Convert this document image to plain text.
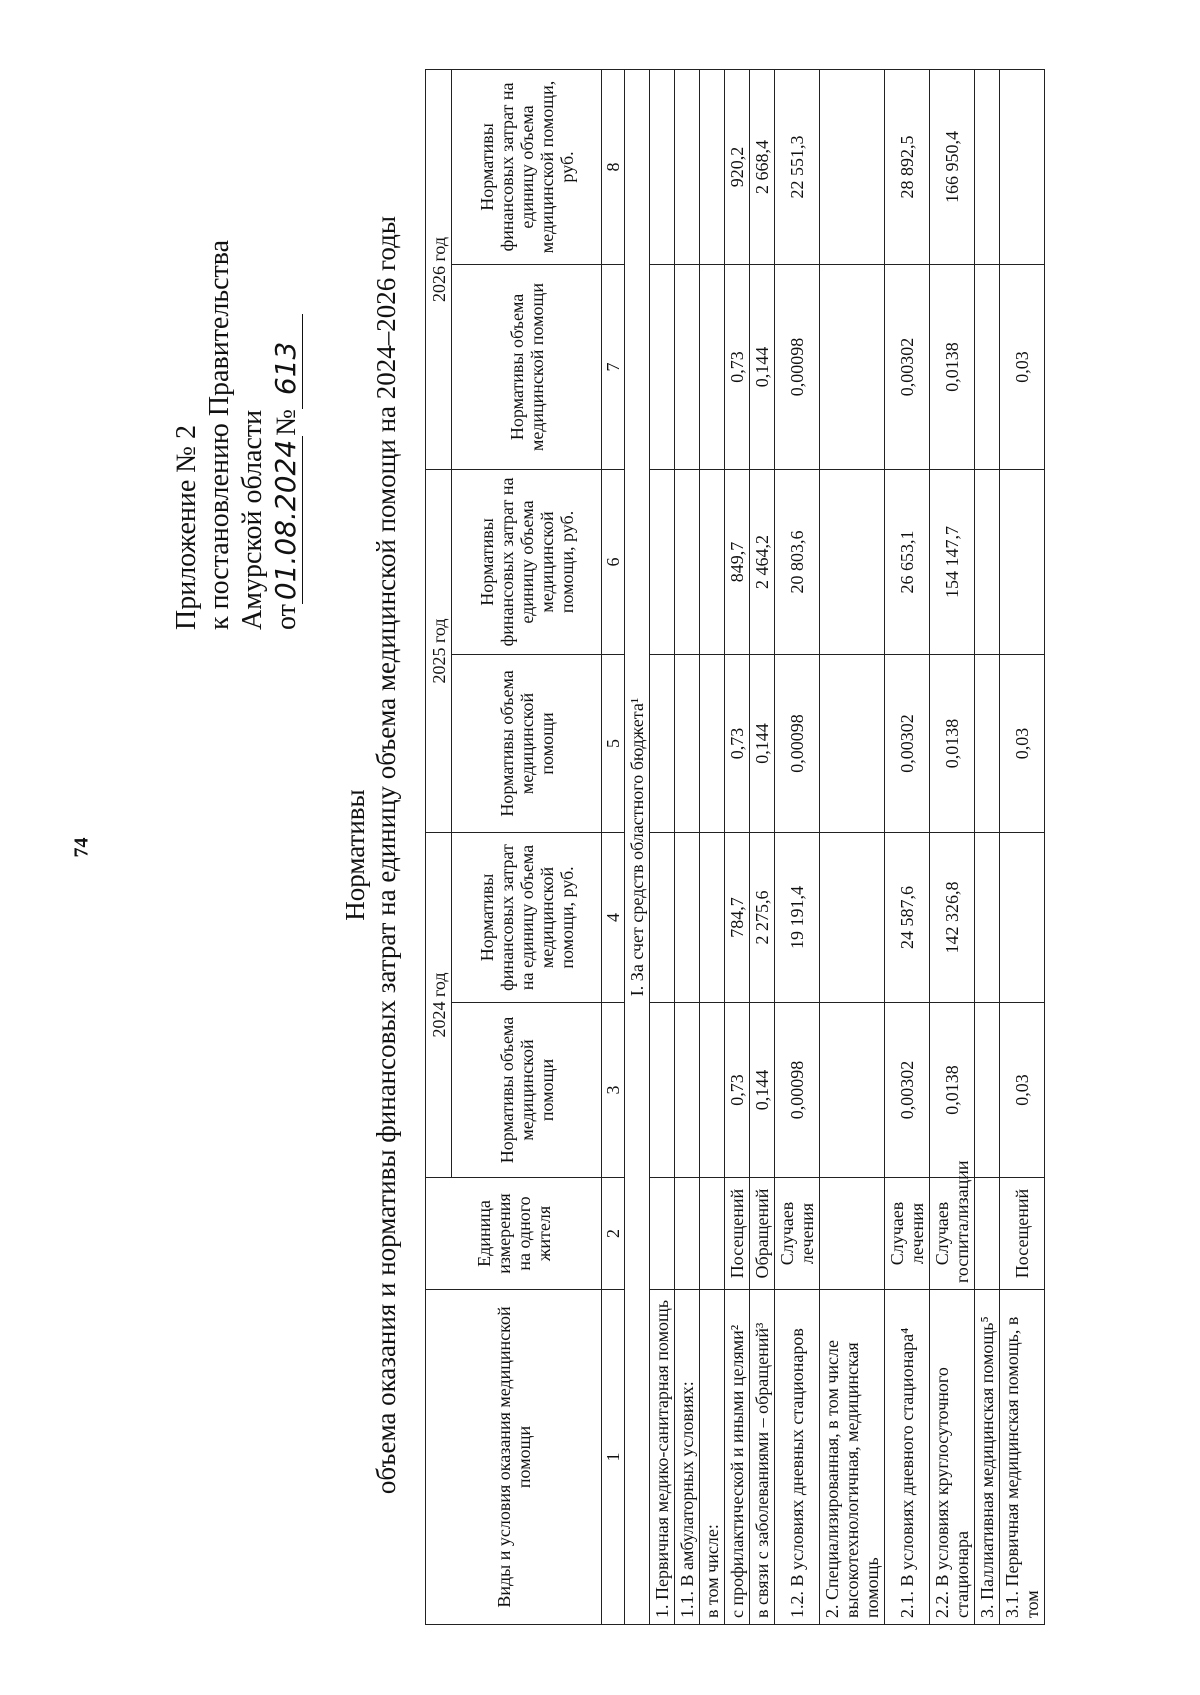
74
Приложение № 2 к постановлению Правительства Амурской области от01.08.2024№613
Нормативы объема оказания и нормативы финансовых затрат на единицу объема медицинской помощи на 2024–2026 годы	Виды и условия оказания медицинской помощи	Единица измерения на одного жителя	2024 год		2025 год		2026 год	
		Нормативы объема медицинской помощи	Нормативы финансовых затрат на единицу объема медицинской помощи, руб.	Нормативы объема медицинской помощи	Нормативы финансовых затрат на единицу объема медицинской помощи, руб.	Нормативы объема медицинской помощи	Нормативы финансовых затрат на единицу объема медицинской помощи, руб.
1	2	3	4	5	6	7	8
I. За счет средств областного бюджета¹							
1. Первичная медико-санитарная помощь							
1.1. В амбулаторных условиях:							
в том числе:							
с профилактической и иными целями²	Посещений	0,73	784,7	0,73	849,7	0,73	920,2
в связи с заболеваниями – обращений³	Обращений	0,144	2 275,6	0,144	2 464,2	0,144	2 668,4
1.2. В условиях дневных стационаров	Случаев лечения	0,00098	19 191,4	0,00098	20 803,6	0,00098	22 551,3
2. Специализированная, в том числе высокотехнологичная, медицинская помощь							
2.1. В условиях дневного стационара⁴	Случаев лечения	0,00302	24 587,6	0,00302	26 653,1	0,00302	28 892,5
2.2. В условиях круглосуточного стационара	Случаев госпитализации	0,0138	142 326,8	0,0138	154 147,7	0,0138	166 950,4
3. Паллиативная медицинская помощь⁵							
3.1. Первичная медицинская помощь, в том	Посещений	0,03		0,03		0,03	
